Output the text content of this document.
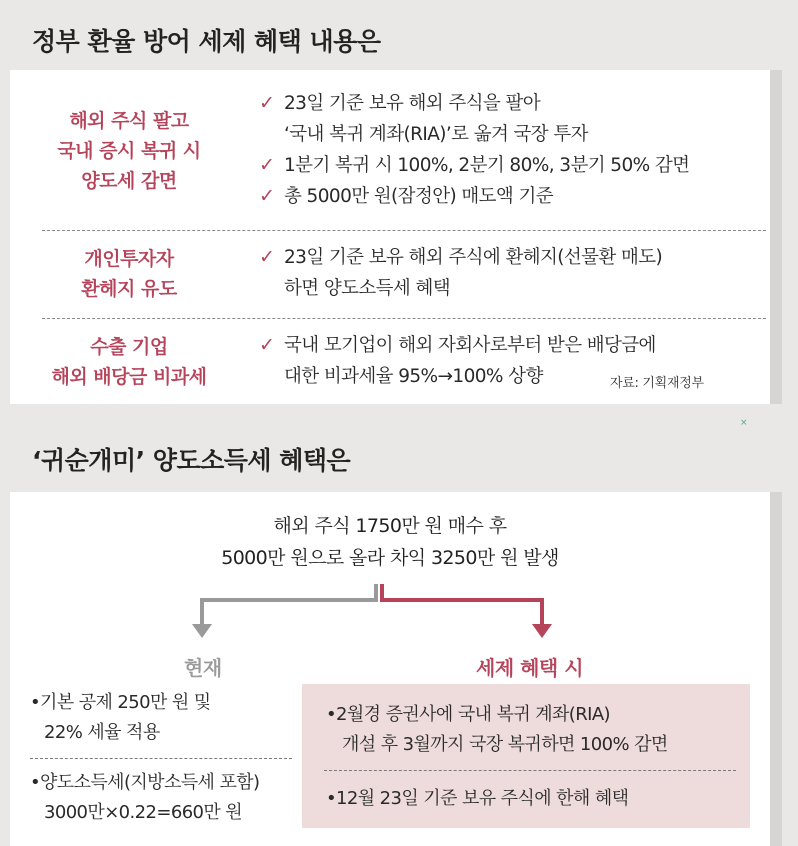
정부 환율 방어 세제 혜택 내용은
해외 주식 팔고
국내 증시 복귀 시
양도세 감면
✓ 23일 기준 보유 해외 주식을 팔아
‘국내 복귀 계좌(RIA)’로 옮겨 국장 투자
✓ 1분기 복귀 시 100%, 2분기 80%, 3분기 50% 감면
✓ 총 5000만 원(잠정안) 매도액 기준
개인투자자
환헤지 유도
✓ 23일 기준 보유 해외 주식에 환헤지(선물환 매도)
하면 양도소득세 혜택
수출 기업
해외 배당금 비과세
✓ 국내 모기업이 해외 자회사로부터 받은 배당금에
대한 비과세율 95%→100% 상향	자료: 기획재정부
×
‘귀순개미’ 양도소득세 혜택은
해외 주식 1750만 원 매수 후
5000만 원으로 올라 차익 3250만 원 발생
현재	세제 혜택 시
•기본 공제 250만 원 및
22% 세율 적용
•양도소득세(지방소득세 포함)
3000만×0.22=660만 원
•2월경 증권사에 국내 복귀 계좌(RIA)
개설 후 3월까지 국장 복귀하면 100% 감면
•12월 23일 기준 보유 주식에 한해 혜택
